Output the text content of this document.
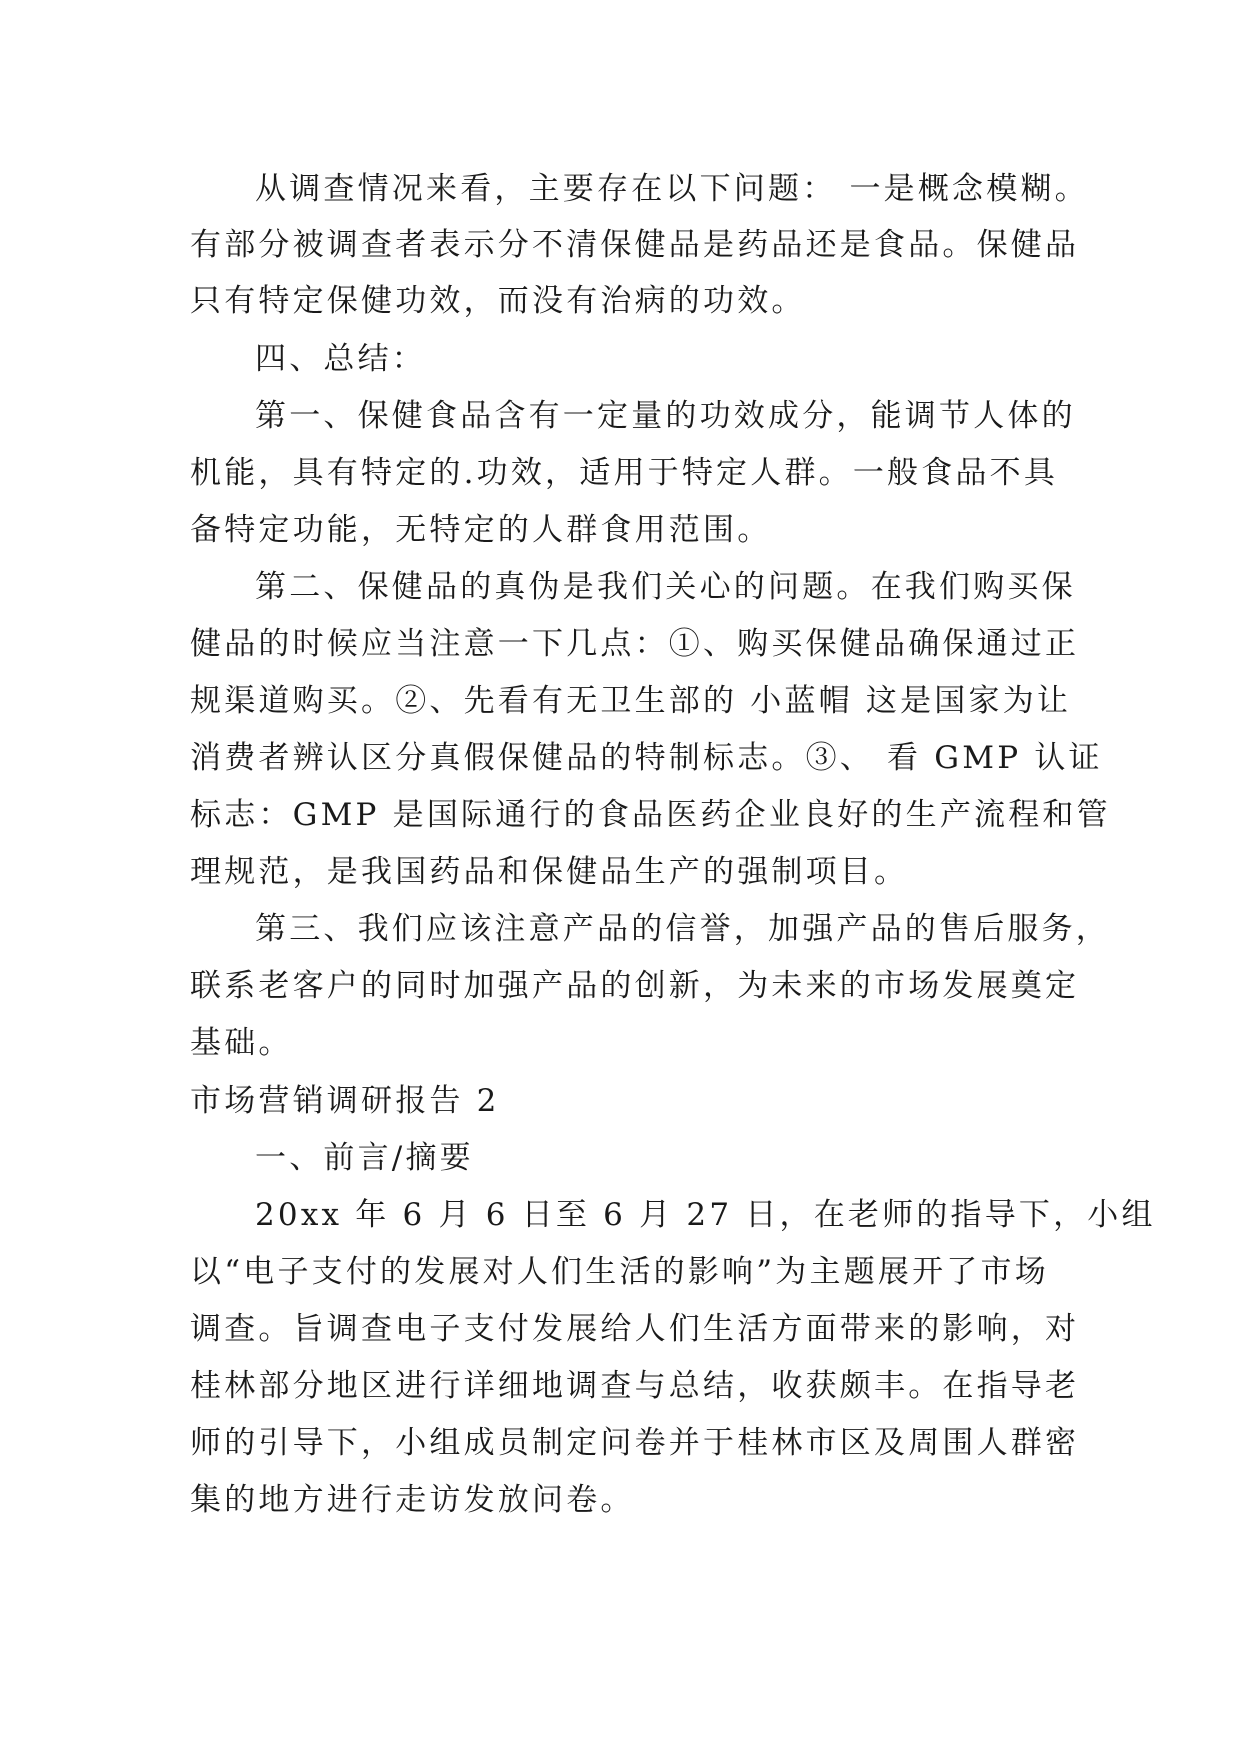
从调查情况来看，主要存在以下问题： 一是概念模糊。
有部分被调查者表示分不清保健品是药品还是食品。保健品
只有特定保健功效，而没有治病的功效。
四、总结：
第一、保健食品含有一定量的功效成分，能调节人体的
机能，具有特定的.功效，适用于特定人群。一般食品不具
备特定功能，无特定的人群食用范围。
第二、保健品的真伪是我们关心的问题。在我们购买保
健品的时候应当注意一下几点：①、购买保健品确保通过正
规渠道购买。②、先看有无卫生部的 小蓝帽 这是国家为让
消费者辨认区分真假保健品的特制标志。③、 看 GMP 认证
标志：GMP 是国际通行的食品医药企业良好的生产流程和管
理规范，是我国药品和保健品生产的强制项目。
第三、我们应该注意产品的信誉，加强产品的售后服务，
联系老客户的同时加强产品的创新，为未来的市场发展奠定
基础。
市场营销调研报告 2
一、前言/摘要
20xx 年 6 月 6 日至 6 月 27 日，在老师的指导下，小组
以“电子支付的发展对人们生活的影响”为主题展开了市场
调查。旨调查电子支付发展给人们生活方面带来的影响，对
桂林部分地区进行详细地调查与总结，收获颇丰。在指导老
师的引导下，小组成员制定问卷并于桂林市区及周围人群密
集的地方进行走访发放问卷。
